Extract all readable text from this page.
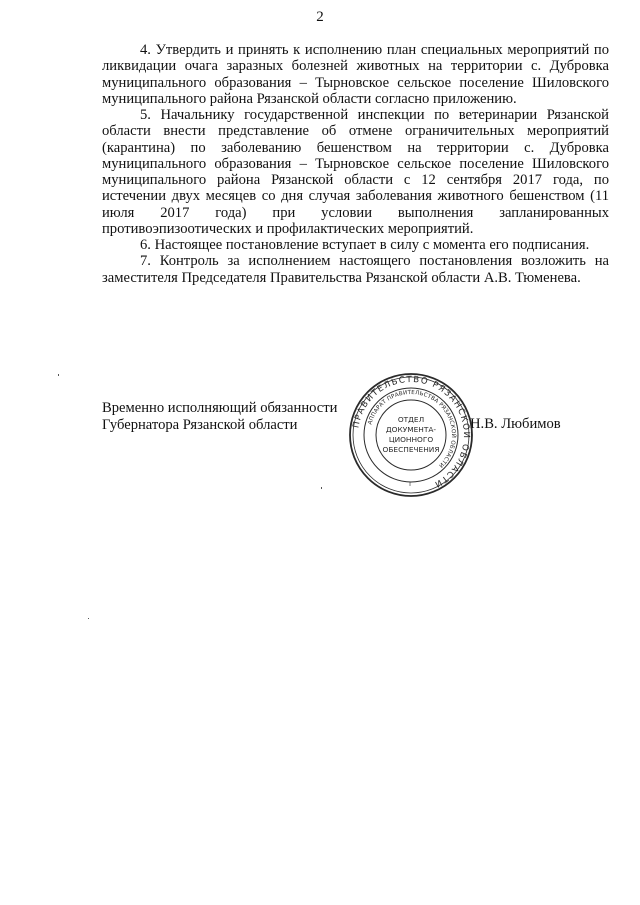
2

4. Утвердить и принять к исполнению план специальных мероприятий по ликвидации очага заразных болезней животных на территории с. Дубровка муниципального образования – Тырновское сельское поселение Шиловского муниципального района Рязанской области согласно приложению.

5. Начальнику государственной инспекции по ветеринарии Рязанской области внести представление об отмене ограничительных мероприятий (карантина) по заболеванию бешенством на территории с. Дубровка муниципального образования – Тырновское сельское поселение Шиловского муниципального района Рязанской области с 12 сентября 2017 года, по истечении двух месяцев со дня случая заболевания животного бешенством (11 июля 2017 года) при условии выполнения запланированных противоэпизоотических и профилактических мероприятий.

6. Настоящее постановление вступает в силу с момента его подписания.

7. Контроль за исполнением настоящего постановления возложить на заместителя Председателя Правительства Рязанской области А.В. Тюменева.

Временно исполняющий обязанности

Губернатора Рязанской области	Н.В. Любимов
ПРАВИТЕЛЬСТВО РЯЗАНСКОЙ ОБЛАСТИ
АППАРАТ ПРАВИТЕЛЬСТВА РЯЗАНСКОЙ ОБЛАСТИ
ОТДЕЛ
ДОКУМЕНТА-
ЦИОННОГО
ОБЕСПЕЧЕНИЯ
Г
